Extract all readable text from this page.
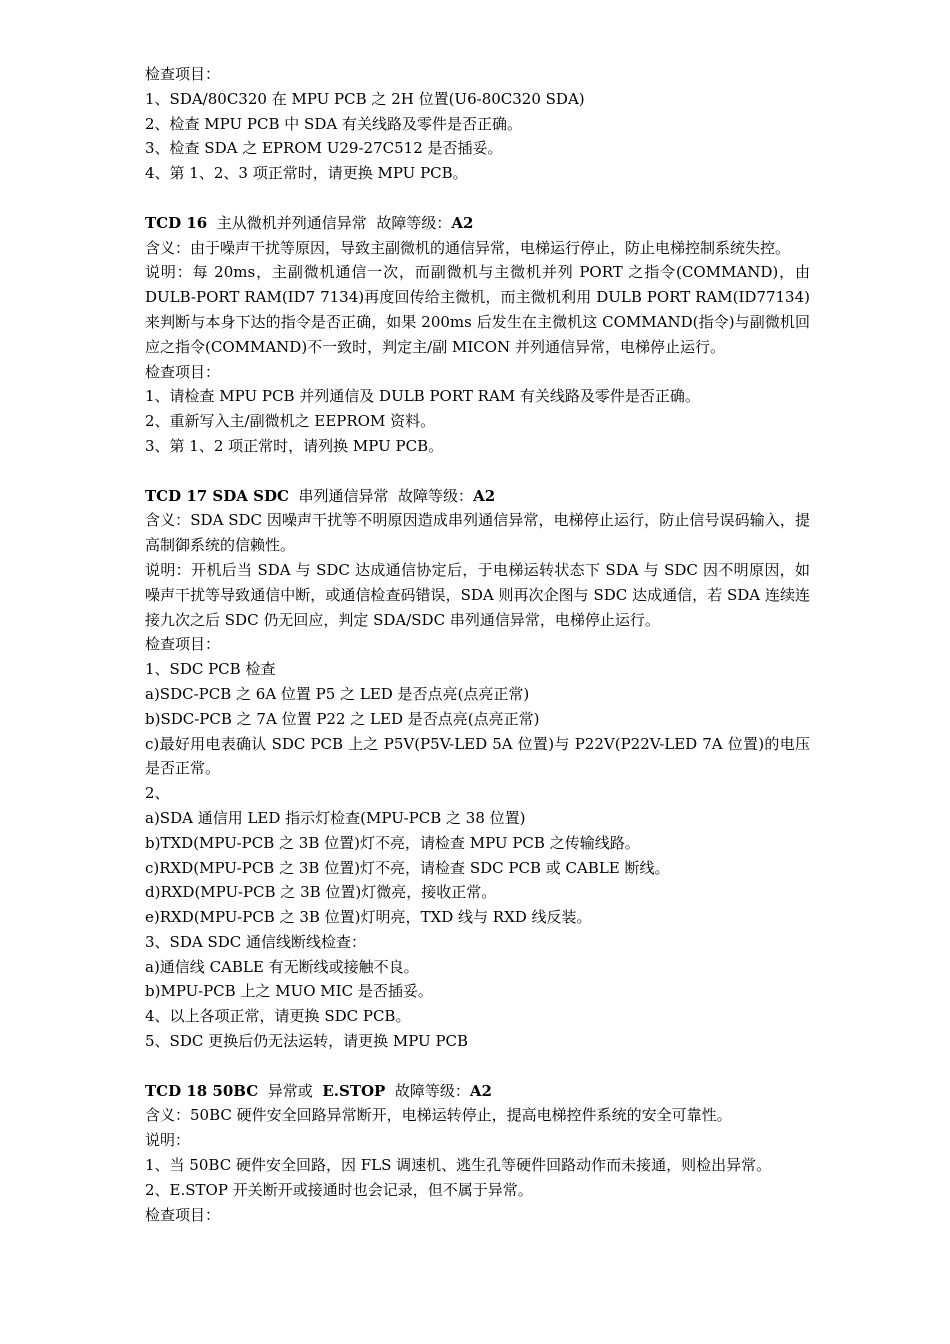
检查项目：
1、SDA/80C320 在 MPU PCB 之 2H 位置(U6-80C320 SDA)
2、检查 MPU PCB 中 SDA 有关线路及零件是否正确。
3、检查 SDA 之 EPROM U29-27C512 是否插妥。
4、第 1、2、3 项正常时，请更换 MPU PCB。
TCD 16 主从微机并列通信异常 故障等级：A2
含义：由于噪声干扰等原因，导致主副微机的通信异常，电梯运行停止，防止电梯控制系统失控。
说明：每 20ms，主副微机通信一次，而副微机与主微机并列 PORT 之指令(COMMAND)，由 DULB-PORT RAM(ID7 7134)再度回传给主微机，而主微机利用 DULB PORT RAM(ID77134)来判断与本身下达的指令是否正确，如果 200ms 后发生在主微机这 COMMAND(指令)与副微机回应之指令(COMMAND)不一致时，判定主/副 MICON 并列通信异常，电梯停止运行。
检查项目：
1、请检查 MPU PCB 并列通信及 DULB PORT RAM 有关线路及零件是否正确。
2、重新写入主/副微机之 EEPROM 资料。
3、第 1、2 项正常时，请列换 MPU PCB。
TCD 17 SDA SDC 串列通信异常 故障等级：A2
含义：SDA SDC 因噪声干扰等不明原因造成串列通信异常，电梯停止运行，防止信号误码输入，提高制御系统的信赖性。
说明：开机后当 SDA 与 SDC 达成通信协定后，于电梯运转状态下 SDA 与 SDC 因不明原因，如噪声干扰等导致通信中断，或通信检查码错误，SDA 则再次企图与 SDC 达成通信，若 SDA 连续连接九次之后 SDC 仍无回应，判定 SDA/SDC 串列通信异常，电梯停止运行。
检查项目：
1、SDC PCB 检查
a)SDC-PCB 之 6A 位置 P5 之 LED 是否点亮(点亮正常)
b)SDC-PCB 之 7A 位置 P22 之 LED 是否点亮(点亮正常)
c)最好用电表确认 SDC PCB 上之 P5V(P5V-LED 5A 位置)与 P22V(P22V-LED 7A 位置)的电压是否正常。
2、
a)SDA 通信用 LED 指示灯检查(MPU-PCB 之 38 位置)
b)TXD(MPU-PCB 之 3B 位置)灯不亮，请检查 MPU PCB 之传输线路。
c)RXD(MPU-PCB 之 3B 位置)灯不亮，请检查 SDC PCB 或 CABLE 断线。
d)RXD(MPU-PCB 之 3B 位置)灯微亮，接收正常。
e)RXD(MPU-PCB 之 3B 位置)灯明亮，TXD 线与 RXD 线反装。
3、SDA SDC 通信线断线检查：
a)通信线 CABLE 有无断线或接触不良。
b)MPU-PCB 上之 MUO MIC 是否插妥。
4、以上各项正常，请更换 SDC PCB。
5、SDC 更换后仍无法运转，请更换 MPU PCB
TCD 18 50BC 异常或 E.STOP 故障等级：A2
含义：50BC 硬件安全回路异常断开，电梯运转停止，提高电梯控件系统的安全可靠性。
说明：
1、当 50BC 硬件安全回路，因 FLS 调速机、逃生孔等硬件回路动作而未接通，则检出异常。
2、E.STOP 开关断开或接通时也会记录，但不属于异常。
检查项目：
